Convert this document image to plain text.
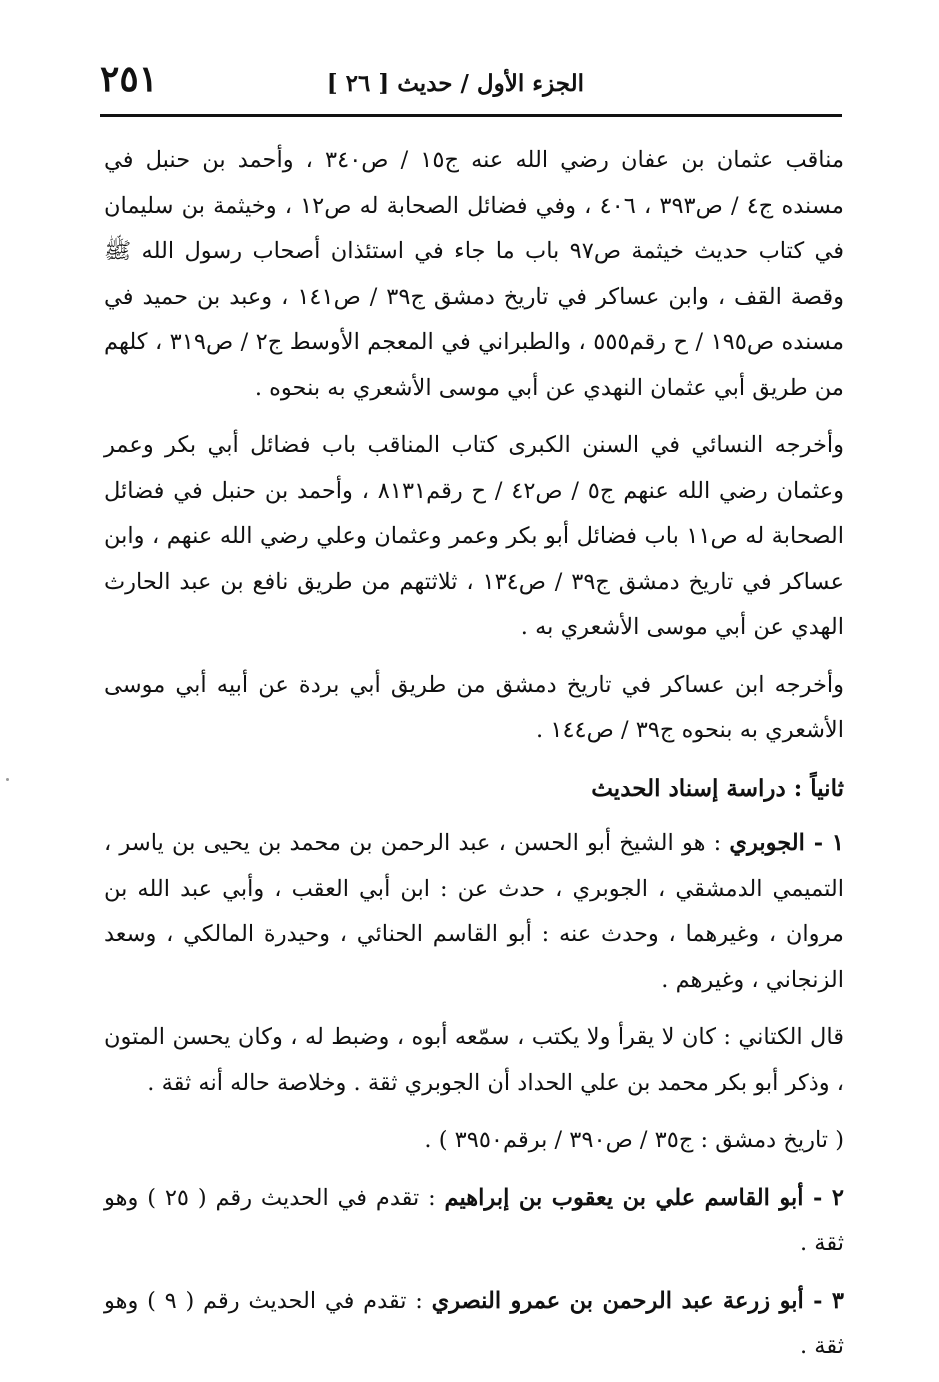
الجزء الأول / حديث [ ٢٦ ]
٢٥١

مناقب عثمان بن عفان رضي الله عنه ج١٥ / ص٣٤٠ ، وأحمد بن حنبل في مسنده ج٤ / ص٣٩٣ ، ٤٠٦ ، وفي فضائل الصحابة له ص١٢ ، وخيثمة بن سليمان في كتاب حديث خيثمة ص٩٧ باب ما جاء في استئذان أصحاب رسول الله ﷺ وقصة القف ، وابن عساكر في تاريخ دمشق ج٣٩ / ص١٤١ ، وعبد بن حميد في مسنده ص١٩٥ / ح رقم٥٥٥ ، والطبراني في المعجم الأوسط ج٢ / ص٣١٩ ، كلهم من طريق أبي عثمان النهدي عن أبي موسى الأشعري به بنحوه .

وأخرجه النسائي في السنن الكبرى كتاب المناقب باب فضائل أبي بكر وعمر وعثمان رضي الله عنهم ج٥ / ص٤٢ / ح رقم٨١٣١ ، وأحمد بن حنبل في فضائل الصحابة له ص١١ باب فضائل أبو بكر وعمر وعثمان وعلي رضي الله عنهم ، وابن عساكر في تاريخ دمشق ج٣٩ / ص١٣٤ ، ثلاثتهم من طريق نافع بن عبد الحارث الهدي عن أبي موسى الأشعري به .

وأخرجه ابن عساكر في تاريخ دمشق من طريق أبي بردة عن أبيه أبي موسى الأشعري به بنحوه ج٣٩ / ص١٤٤ .

ثانياً : دراسة إسناد الحديث

١ - الجوبري : هو الشيخ أبو الحسن ، عبد الرحمن بن محمد بن يحيى بن ياسر ، التميمي الدمشقي ، الجوبري ، حدث عن : ابن أبي العقب ، وأبي عبد الله بن مروان ، وغيرهما ، وحدث عنه : أبو القاسم الحنائي ، وحيدرة المالكي ، وسعد الزنجاني ، وغيرهم .

قال الكتاني : كان لا يقرأ ولا يكتب ، سمّعه أبوه ، وضبط له ، وكان يحسن المتون ، وذكر أبو بكر محمد بن علي الحداد أن الجوبري ثقة . وخلاصة حاله أنه ثقة .

( تاريخ دمشق : ج٣٥ / ص٣٩٠ / برقم٣٩٥٠ ) .

٢ - أبو القاسم علي بن يعقوب بن إبراهيم : تقدم في الحديث رقم ( ٢٥ ) وهو ثقة .

٣ - أبو زرعة عبد الرحمن بن عمرو النصري : تقدم في الحديث رقم ( ٩ ) وهو ثقة .
